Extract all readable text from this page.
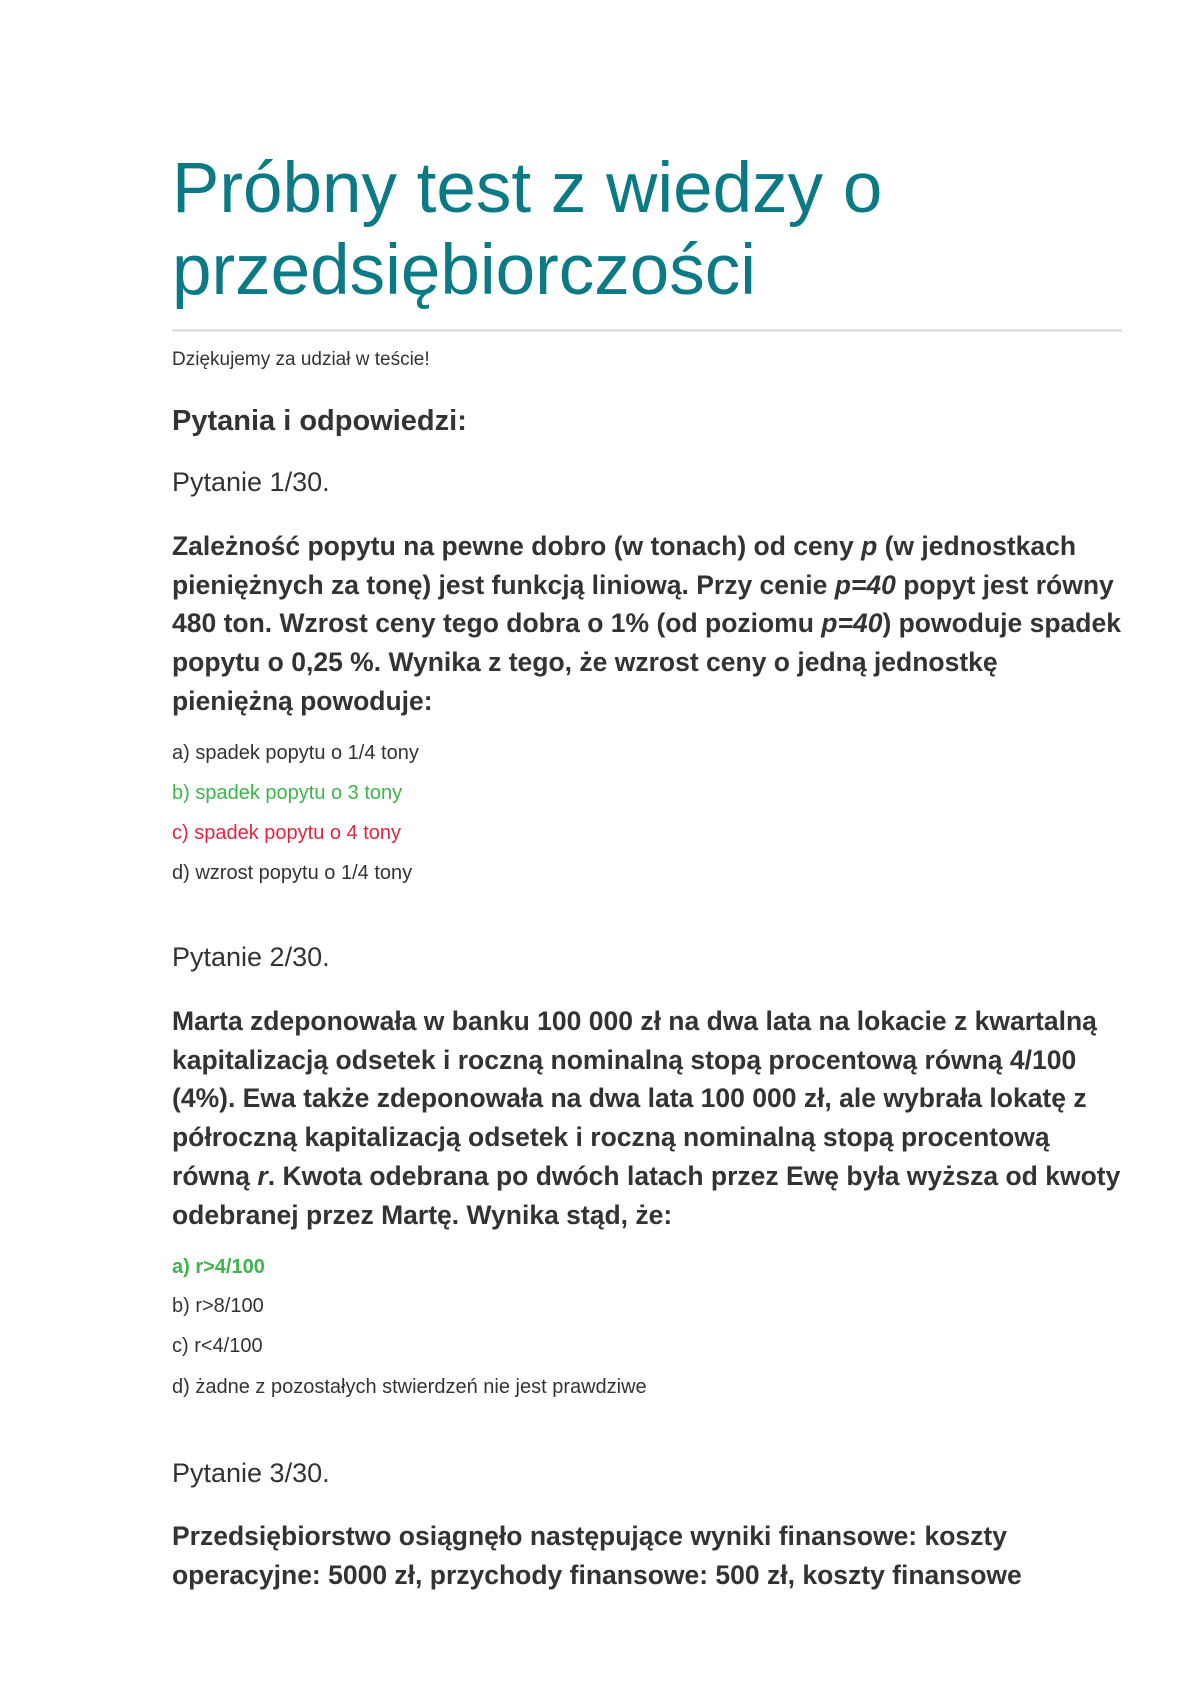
Próbny test z wiedzy o przedsiębiorczości
Dziękujemy za udział w teście!
Pytania i odpowiedzi:
Pytanie 1/30.

Zależność popytu na pewne dobro (w tonach) od ceny p (w jednostkach pieniężnych za tonę) jest funkcją liniową. Przy cenie p=40 popyt jest równy 480 ton. Wzrost ceny tego dobra o 1% (od poziomu p=40) powoduje spadek popytu o 0,25 %. Wynika z tego, że wzrost ceny o jedną jednostkę pieniężną powoduje:

a) spadek popytu o 1/4 tony
b) spadek popytu o 3 tony
c) spadek popytu o 4 tony
d) wzrost popytu o 1/4 tony
Pytanie 2/30.

Marta zdeponowała w banku 100 000 zł na dwa lata na lokacie z kwartalną kapitalizacją odsetek i roczną nominalną stopą procentową równą 4/100 (4%). Ewa także zdeponowała na dwa lata 100 000 zł, ale wybrała lokatę z półroczną kapitalizacją odsetek i roczną nominalną stopą procentową równą r. Kwota odebrana po dwóch latach przez Ewę była wyższa od kwoty odebranej przez Martę. Wynika stąd, że:

a) r>4/100
b) r>8/100
c) r<4/100
d) żadne z pozostałych stwierdzeń nie jest prawdziwe
Pytanie 3/30.

Przedsiębiorstwo osiągnęło następujące wyniki finansowe: koszty operacyjne: 5000 zł, przychody finansowe: 500 zł, koszty finansowe
